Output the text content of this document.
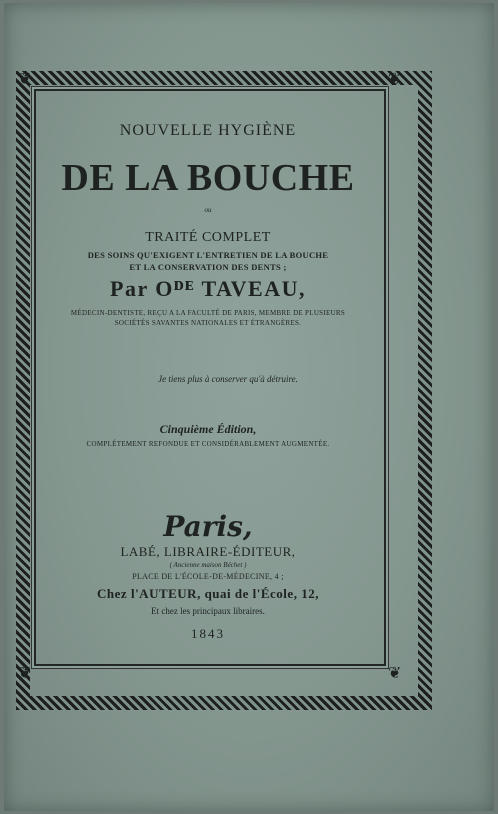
❦	❦
❦	❦
NOUVELLE HYGIÈNE
DE LA BOUCHE
ou
TRAITÉ COMPLET
DES SOINS QU'EXIGENT L'ENTRETIEN DE LA BOUCHE
ET LA CONSERVATION DES DENTS ;
Par Oᴰᴱ TAVEAU,
MÉDECIN-DENTISTE, REÇU A LA FACULTÉ DE PARIS, MEMBRE DE PLUSIEURS
SOCIÉTÉS SAVANTES NATIONALES ET ÉTRANGÈRES.
Je tiens plus à conserver qu'à détruire.
Cinquième Édition,
COMPLÉTEMENT REFONDUE ET CONSIDÉRABLEMENT AUGMENTÉE.
Paris,
LABÉ, LIBRAIRE-ÉDITEUR,
( Ancienne maison Béchet )
PLACE DE L'ÉCOLE-DE-MÉDECINE, 4 ;
Chez l'AUTEUR, quai de l'École, 12,
Et chez les principaux libraires.
1843
